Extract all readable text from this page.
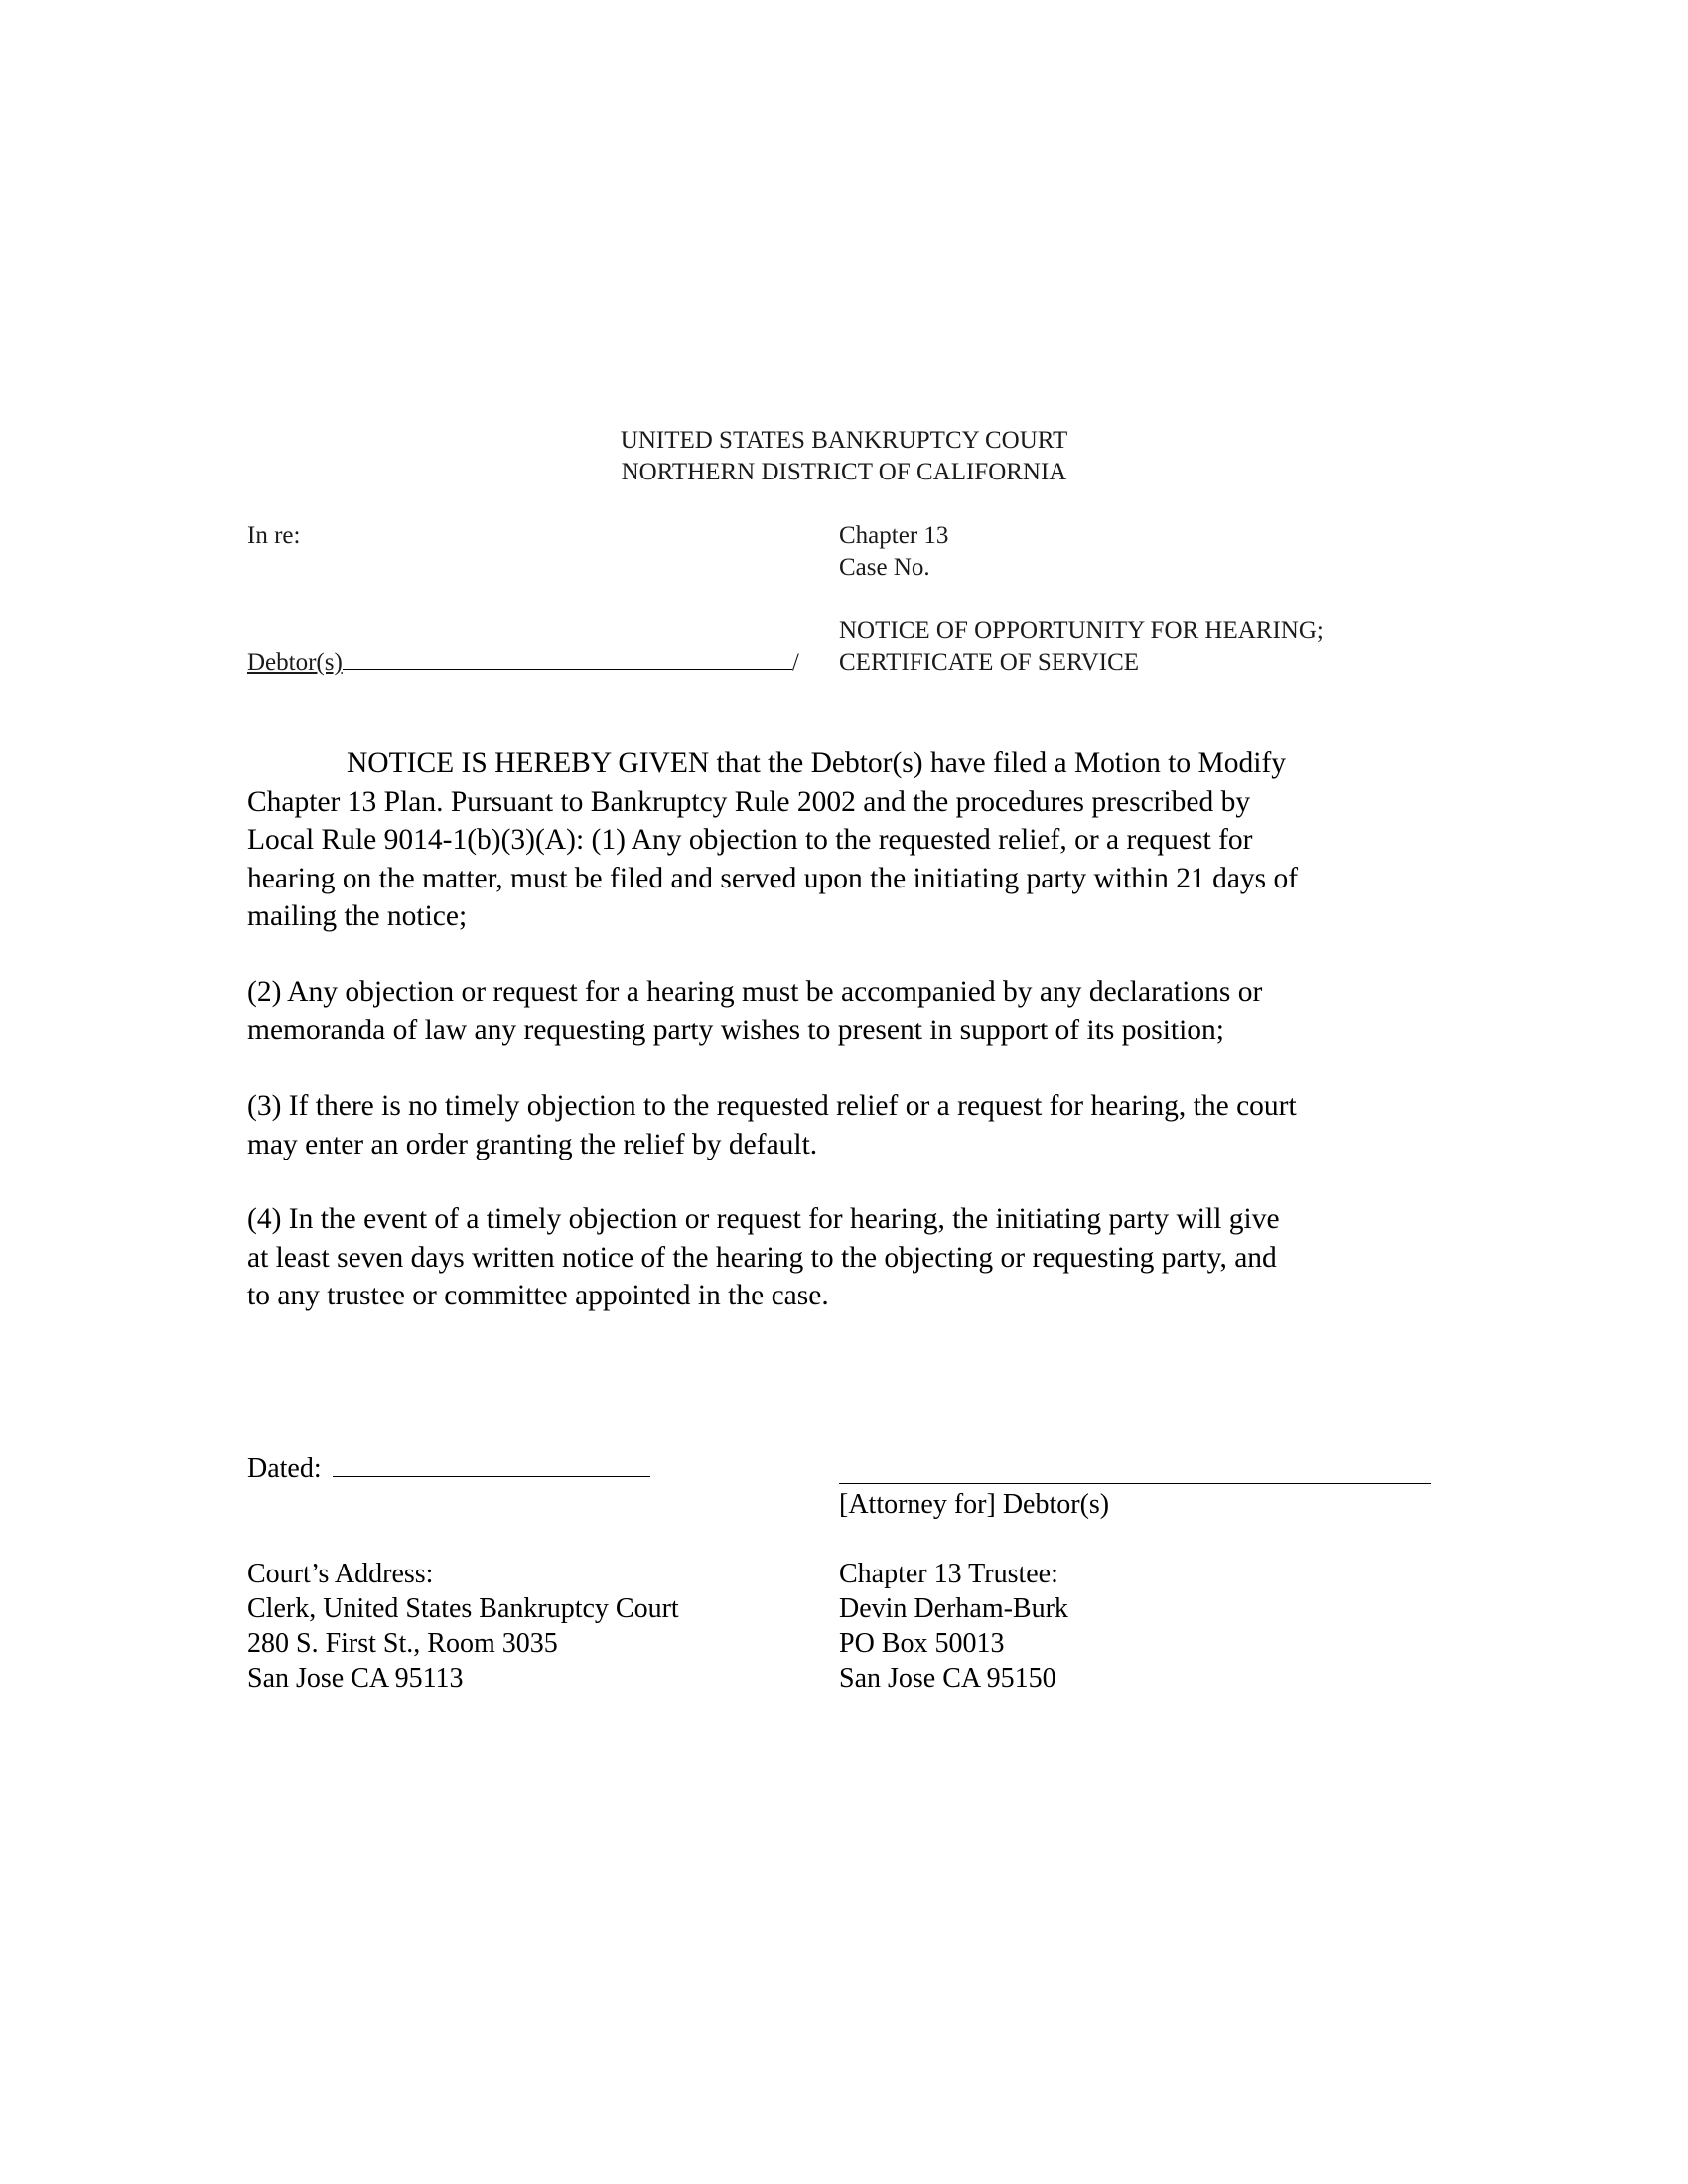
UNITED STATES BANKRUPTCY COURT
NORTHERN DISTRICT OF CALIFORNIA
In re:
Debtor(s)	/
Chapter 13
Case No.
NOTICE OF OPPORTUNITY FOR HEARING;
CERTIFICATE OF SERVICE
NOTICE IS HEREBY GIVEN that the Debtor(s) have filed a Motion to Modify
Chapter 13 Plan. Pursuant to Bankruptcy Rule 2002 and the procedures prescribed by
Local Rule 9014-1(b)(3)(A): (1) Any objection to the requested relief, or a request for
hearing on the matter, must be filed and served upon the initiating party within 21 days of
mailing the notice;
(2) Any objection or request for a hearing must be accompanied by any declarations or
memoranda of law any requesting party wishes to present in support of its position;
(3) If there is no timely objection to the requested relief or a request for hearing, the court
may enter an order granting the relief by default.
(4) In the event of a timely objection or request for hearing, the initiating party will give
at least seven days written notice of the hearing to the objecting or requesting party, and
to any trustee or committee appointed in the case.
Dated:
[Attorney for] Debtor(s)
Court’s Address:
Clerk, United States Bankruptcy Court
280 S. First St., Room 3035
San Jose CA 95113
Chapter 13 Trustee:
Devin Derham-Burk
PO Box 50013
San Jose CA 95150
